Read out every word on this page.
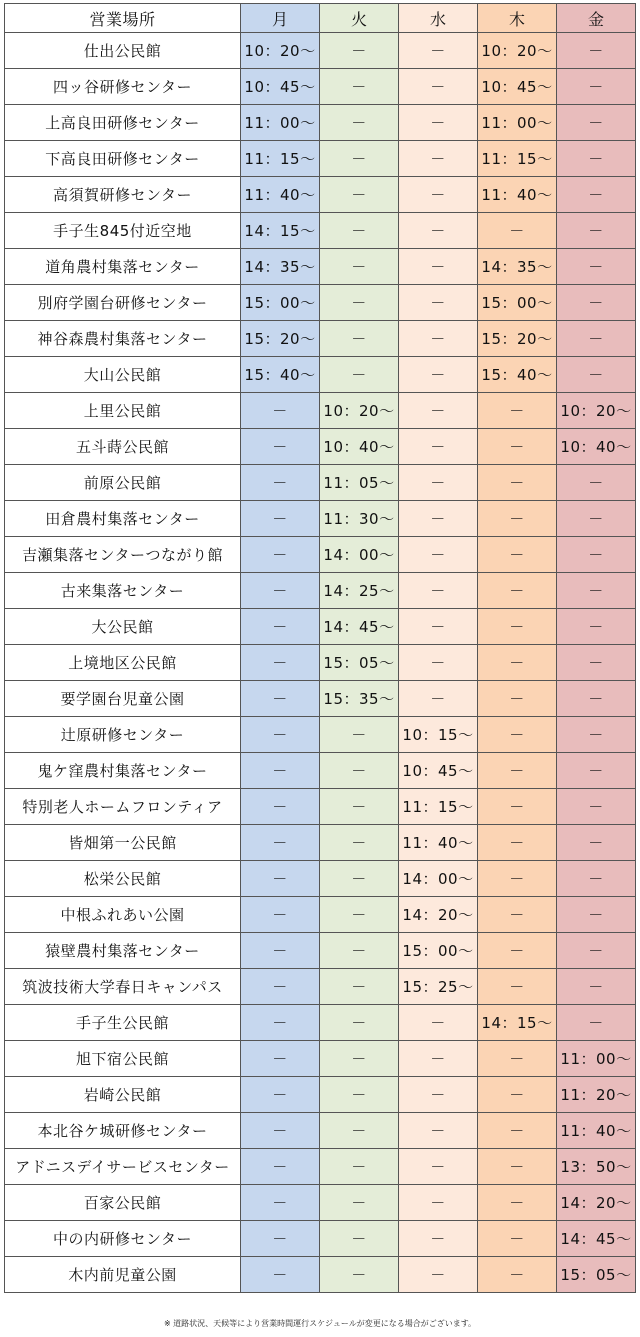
営業場所	月	火	水	木	金
仕出公民館	10：20～	－	－	10：20～	－
四ッ谷研修センター	10：45～	－	－	10：45～	－
上高良田研修センター	11：00～	－	－	11：00～	－
下高良田研修センター	11：15～	－	－	11：15～	－
高須賀研修センター	11：40～	－	－	11：40～	－
手子生845付近空地	14：15～	－	－	－	－
道角農村集落センター	14：35～	－	－	14：35～	－
別府学園台研修センター	15：00～	－	－	15：00～	－
神谷森農村集落センター	15：20～	－	－	15：20～	－
大山公民館	15：40～	－	－	15：40～	－
上里公民館	－	10：20～	－	－	10：20～
五斗蒔公民館	－	10：40～	－	－	10：40～
前原公民館	－	11：05～	－	－	－
田倉農村集落センター	－	11：30～	－	－	－
吉瀬集落センターつながり館	－	14：00～	－	－	－
古来集落センター	－	14：25～	－	－	－
大公民館	－	14：45～	－	－	－
上境地区公民館	－	15：05～	－	－	－
要学園台児童公園	－	15：35～	－	－	－
辻原研修センター	－	－	10：15～	－	－
鬼ケ窪農村集落センター	－	－	10：45～	－	－
特別老人ホームフロンティア	－	－	11：15～	－	－
皆畑第一公民館	－	－	11：40～	－	－
松栄公民館	－	－	14：00～	－	－
中根ふれあい公園	－	－	14：20～	－	－
猿壁農村集落センター	－	－	15：00～	－	－
筑波技術大学春日キャンパス	－	－	15：25～	－	－
手子生公民館	－	－	－	14：15～	－
旭下宿公民館	－	－	－	－	11：00～
岩崎公民館	－	－	－	－	11：20～
本北谷ケ城研修センター	－	－	－	－	11：40～
アドニスデイサービスセンター	－	－	－	－	13：50～
百家公民館	－	－	－	－	14：20～
中の内研修センター	－	－	－	－	14：45～
木内前児童公園	－	－	－	－	15：05～
※ 道路状況、天候等により営業時間運行スケジュールが変更になる場合がございます。
